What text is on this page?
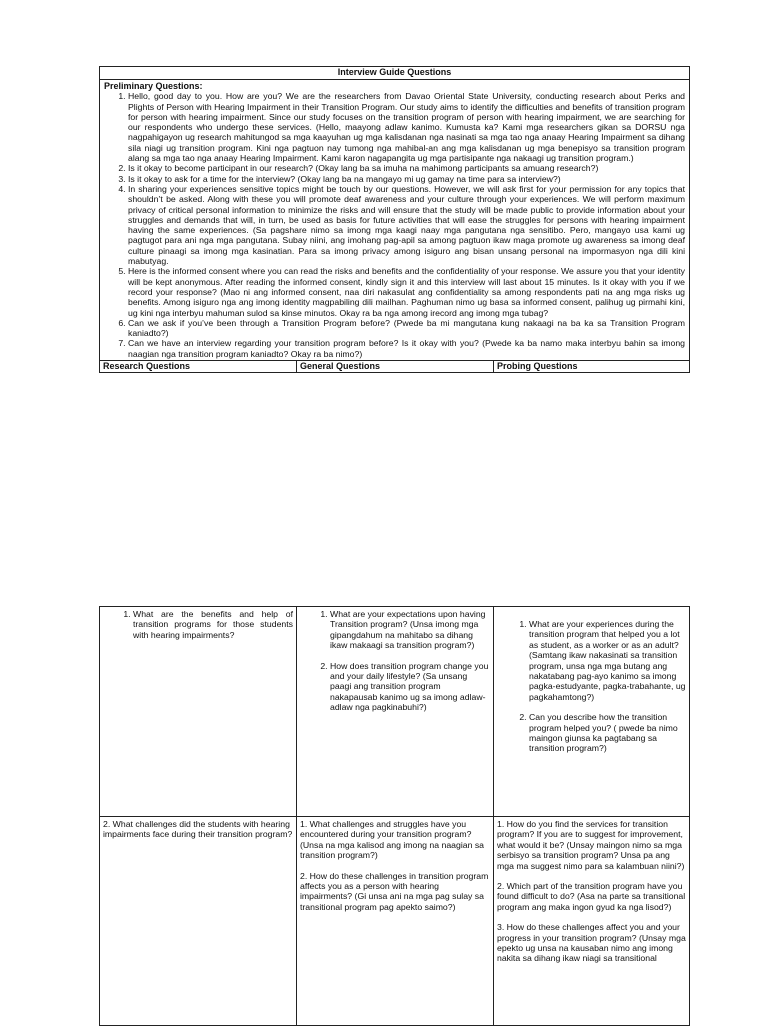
Interview Guide Questions
Preliminary Questions:
1. Hello, good day to you. How are you? We are the researchers from Davao Oriental State University, conducting research about Perks and Plights of Person with Hearing Impairment in their Transition Program. Our study aims to identify the difficulties and benefits of transition program for person with hearing impairment. Since our study focuses on the transition program of person with hearing impairment, we are searching for our respondents who undergo these services. (Hello, maayong adlaw kanimo. Kumusta ka? Kami mga researchers gikan sa DORSU nga nagpahigayon ug research mahitungod sa mga kaayuhan ug mga kalisdanan nga nasinati sa mga tao nga anaay Hearing Impairment sa dihang sila niagi ug transition program. Kini nga pagtuon nay tumong nga mahibal-an ang mga kalisdanan ug mga benepisyo sa transition program alang sa mga tao nga anaay Hearing Impairment. Kami karon nagapangita ug mga partisipante nga nakaagi ug transition program.)
2. Is it okay to become participant in our research? (Okay lang ba sa imuha na mahimong participants sa amuang research?)
3. Is it okay to ask for a time for the interview? (Okay lang ba na mangayo mi ug gamay na time para sa interview?)
4. In sharing your experiences sensitive topics might be touch by our questions. However, we will ask first for your permission for any topics that shouldn’t be asked. Along with these you will promote deaf awareness and your culture through your experiences. We will perform maximum privacy of critical personal information to minimize the risks and will ensure that the study will be made public to provide information about your struggles and demands that will, in turn, be used as basis for future activities that will ease the struggles for persons with hearing impairment having the same experiences. (Sa pagshare nimo sa imong mga kaagi naay mga pangutana nga sensitibo. Pero, mangayo usa kami ug pagtugot para ani nga mga pangutana. Subay niini, ang imohang pag-apil sa among pagtuon ikaw maga promote ug awareness sa imong deaf culture pinaagi sa imong mga kasinatian. Para sa imong privacy among isiguro ang bisan unsang personal na impormasyon nga dili kini mabutyag.
5. Here is the informed consent where you can read the risks and benefits and the confidentiality of your response. We assure you that your identity will be kept anonymous. After reading the informed consent, kindly sign it and this interview will last about 15 minutes. Is it okay with you if we record your response? (Mao ni ang informed consent, naa diri nakasulat ang confidentiality sa among respondents pati na ang mga risks ug benefits. Among isiguro nga ang imong identity magpabiling dili mailhan. Paghuman nimo ug basa sa informed consent, palihug ug pirmahi kini, ug kini nga interbyu mahuman sulod sa kinse minutos. Okay ra ba nga among irecord ang imong mga tubag?
6. Can we ask if you’ve been through a Transition Program before? (Pwede ba mi mangutana kung nakaagi na ba ka sa Transition Program kaniadto?)
7. Can we have an interview regarding your transition program before? Is it okay with you? (Pwede ka ba namo maka interbyu bahin sa imong naagian nga transition program kaniadto? Okay ra ba nimo?)
Research Questions	General Questions	Probing Questions
1. What are the benefits and help of transition programs for those students with hearing impairments?
1. What are your expectations upon having Transition program? (Unsa imong mga gipangdahum na mahitabo sa dihang ikaw makaagi sa transition program?)
2. How does transition program change you and your daily lifestyle? (Sa unsang paagi ang transition program nakapausab kanimo ug sa imong adlaw-adlaw nga pagkinabuhi?)
1. What are your experiences during the transition program that helped you a lot as student, as a worker or as an adult? (Samtang ikaw nakasinati sa transition program, unsa nga mga butang ang nakatabang pag-ayo kanimo sa imong pagka-estudyante, pagka-trabahante, ug pagkahamtong?)
2. Can you describe how the transition program helped you? ( pwede ba nimo maingon giunsa ka pagtabang sa transition program?)

2. What challenges did the students with hearing impairments face during their transition program?

1. What challenges and struggles have you encountered during your transition program? (Unsa na mga kalisod ang imong na naagian sa transition program?)

2. How do these challenges in transition program affects you as a person with hearing impairments? (Gi unsa ani na mga pag sulay sa transitional program pag apekto saimo?)

1. How do you find the services for transition program? If you are to suggest for improvement, what would it be? (Unsay maingon nimo sa mga serbisyo sa transition program? Unsa pa ang mga ma suggest nimo para sa kalambuan niini?)

2. Which part of the transition program have you found difficult to do? (Asa na parte sa transitional program ang maka ingon gyud ka nga lisod?)

3. How do these challenges affect you and your progress in your transition program? (Unsay mga epekto ug unsa na kausaban nimo ang imong nakita sa dihang ikaw niagi sa transitional
